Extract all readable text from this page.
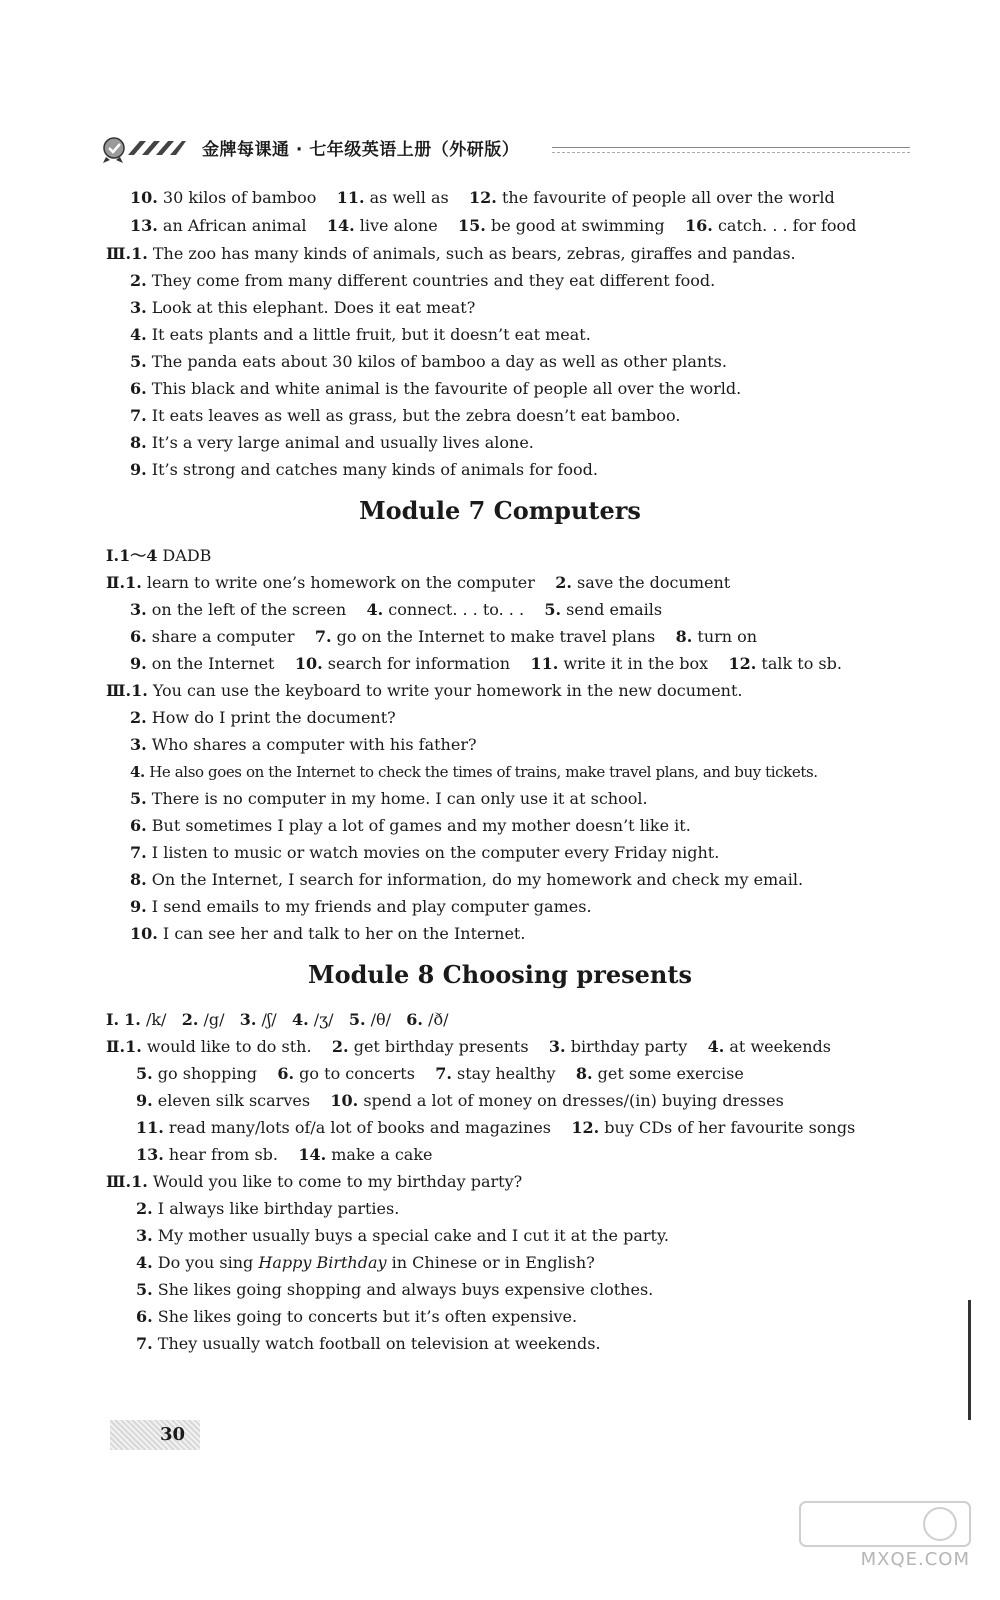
金牌每课通 · 七年级英语上册（外研版）
10. 30 kilos of bamboo 11. as well as 12. the favourite of people all over the world
13. an African animal 14. live alone 15. be good at swimming 16. catch. . . for food
Ⅲ.1. The zoo has many kinds of animals, such as bears, zebras, giraffes and pandas.
2. They come from many different countries and they eat different food.
3. Look at this elephant. Does it eat meat?
4. It eats plants and a little fruit, but it doesn’t eat meat.
5. The panda eats about 30 kilos of bamboo a day as well as other plants.
6. This black and white animal is the favourite of people all over the world.
7. It eats leaves as well as grass, but the zebra doesn’t eat bamboo.
8. It’s a very large animal and usually lives alone.
9. It’s strong and catches many kinds of animals for food.
Module 7 Computers
Ⅰ.1～4 DADB
Ⅱ.1. learn to write one’s homework on the computer 2. save the document
3. on the left of the screen 4. connect. . . to. . . 5. send emails
6. share a computer 7. go on the Internet to make travel plans 8. turn on
9. on the Internet 10. search for information 11. write it in the box 12. talk to sb.
Ⅲ.1. You can use the keyboard to write your homework in the new document.
2. How do I print the document?
3. Who shares a computer with his father?
4. He also goes on the Internet to check the times of trains, make travel plans, and buy tickets.
5. There is no computer in my home. I can only use it at school.
6. But sometimes I play a lot of games and my mother doesn’t like it.
7. I listen to music or watch movies on the computer every Friday night.
8. On the Internet, I search for information, do my homework and check my email.
9. I send emails to my friends and play computer games.
10. I can see her and talk to her on the Internet.
Module 8 Choosing presents
Ⅰ. 1. /k/ 2. /g/ 3. /ʃ/ 4. /ʒ/ 5. /θ/ 6. /ð/
Ⅱ.1. would like to do sth. 2. get birthday presents 3. birthday party 4. at weekends
5. go shopping 6. go to concerts 7. stay healthy 8. get some exercise
9. eleven silk scarves 10. spend a lot of money on dresses/(in) buying dresses
11. read many/lots of/a lot of books and magazines 12. buy CDs of her favourite songs
13. hear from sb. 14. make a cake
Ⅲ.1. Would you like to come to my birthday party?
2. I always like birthday parties.
3. My mother usually buys a special cake and I cut it at the party.
4. Do you sing Happy Birthday in Chinese or in English?
5. She likes going shopping and always buys expensive clothes.
6. She likes going to concerts but it’s often expensive.
7. They usually watch football on television at weekends.
30
MXQE.COM
